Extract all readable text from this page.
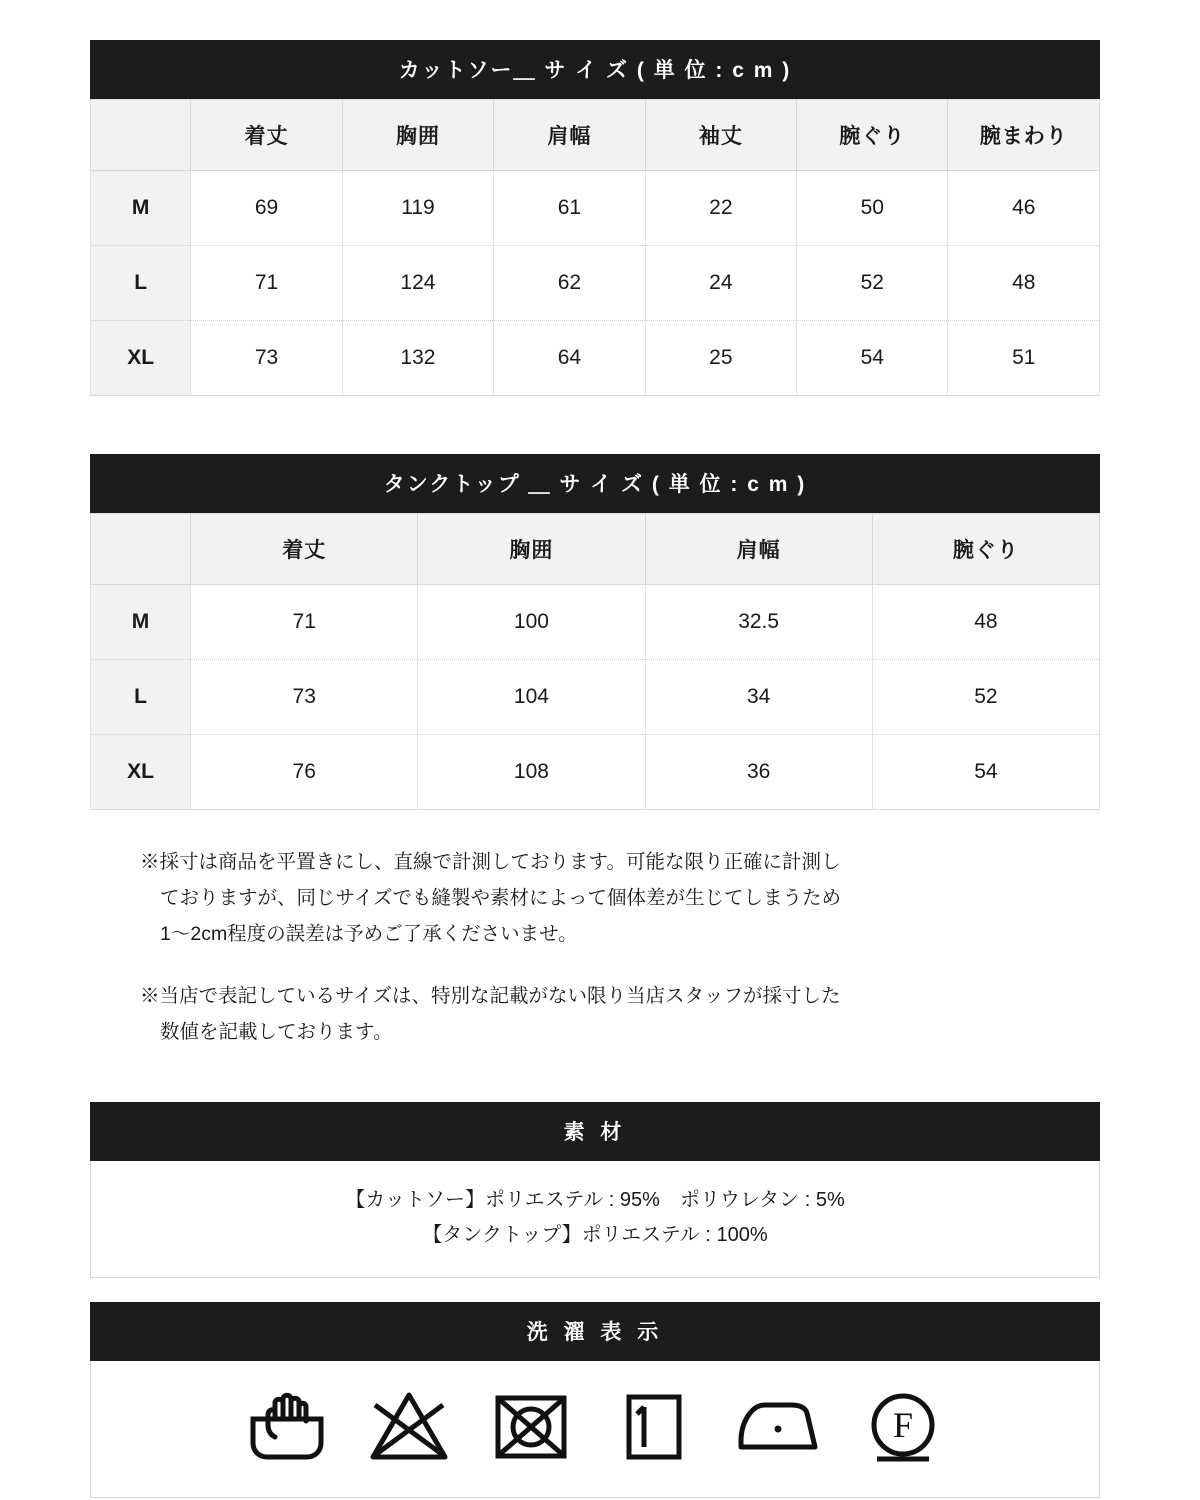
カットソー＿ サ イ ズ ( 単 位 : c m )
	着丈	胸囲	肩幅	袖丈	腕ぐり	腕まわり
M	69	119	61	22	50	46
L	71	124	62	24	52	48
XL	73	132	64	25	54	51
タンクトップ ＿ サ イ ズ ( 単 位 : c m )
	着丈	胸囲	肩幅	腕ぐり
M	71	100	32.5	48
L	73	104	34	52
XL	76	108	36	54
※採寸は商品を平置きにし、直線で計測しております。可能な限り正確に計測し
ておりますが、同じサイズでも縫製や素材によって個体差が生じてしまうため
1〜2cm程度の誤差は予めご了承くださいませ。
※当店で表記しているサイズは、特別な記載がない限り当店スタッフが採寸した
数値を記載しております。
素 材
【カットソー】ポリエステル : 95%　ポリウレタン : 5%
【タンクトップ】ポリエステル : 100%
洗 濯 表 示
F
